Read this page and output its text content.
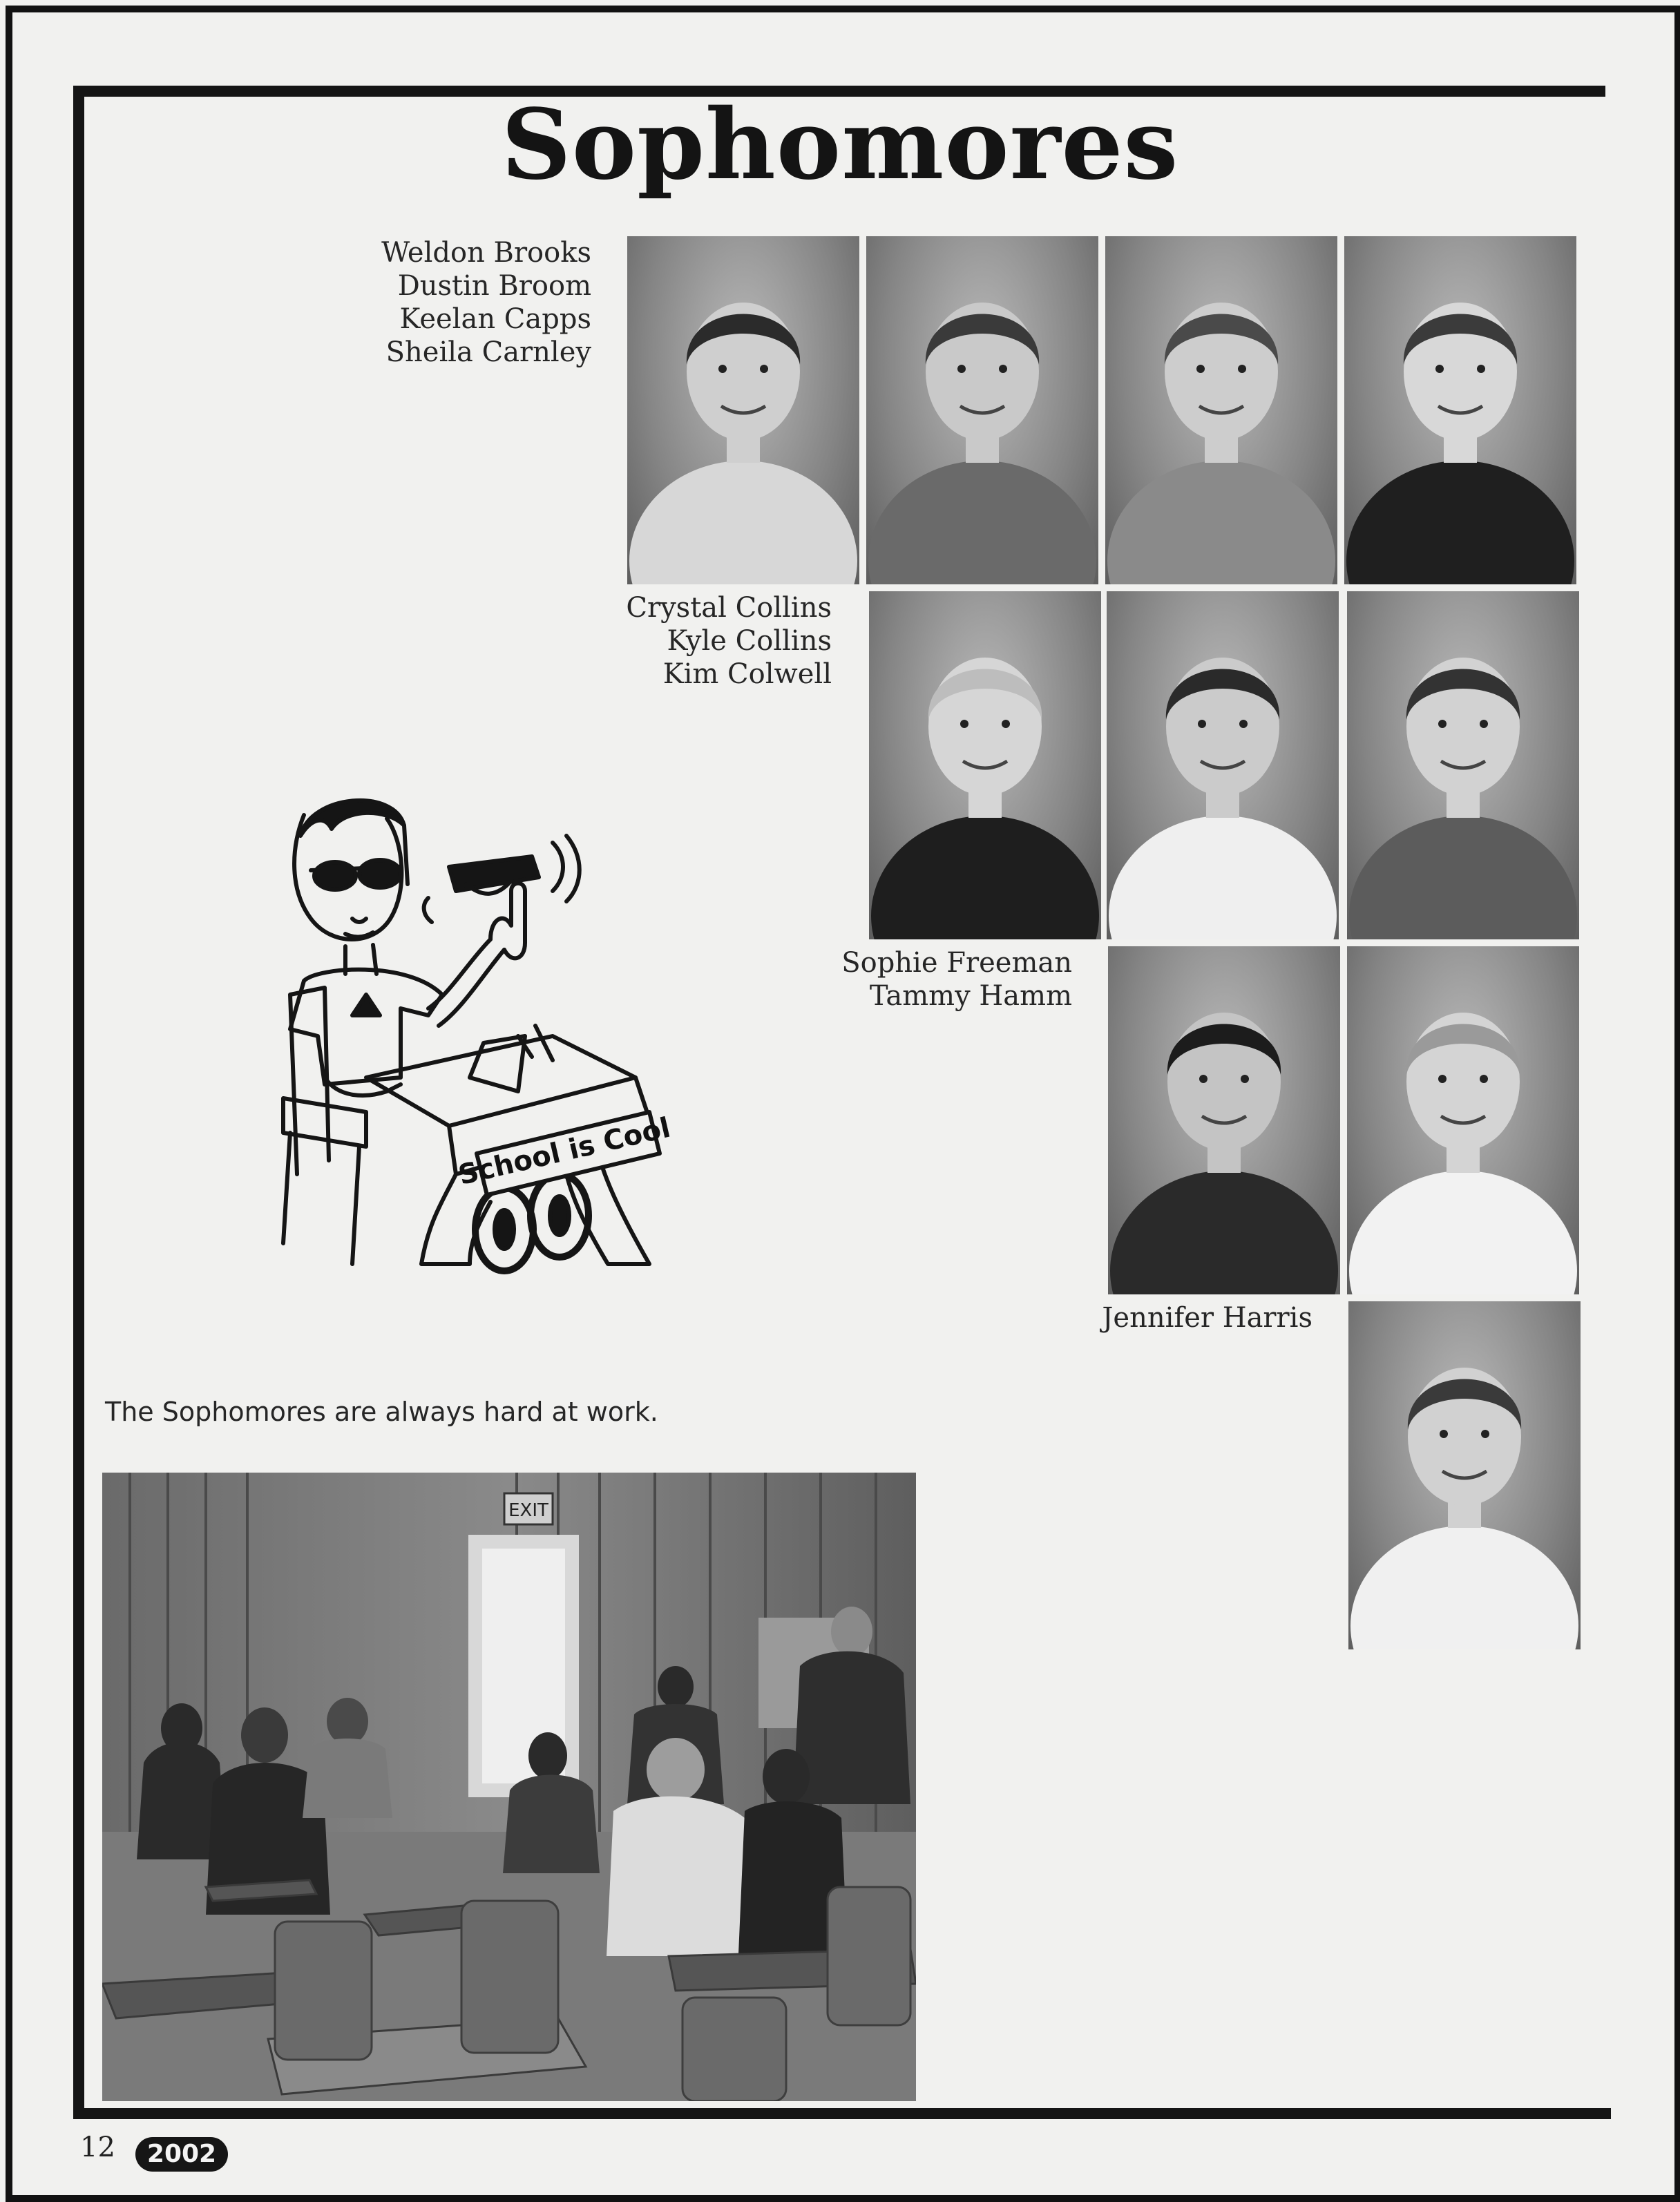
Sophomores
Weldon Brooks
Dustin Broom
Keelan Capps
Sheila Carnley
Crystal Collins
Kyle Collins
Kim Colwell
Sophie Freeman
Tammy Hamm
Jennifer Harris
School is Cool
The Sophomores are always hard at work.
EXIT
12	2002
